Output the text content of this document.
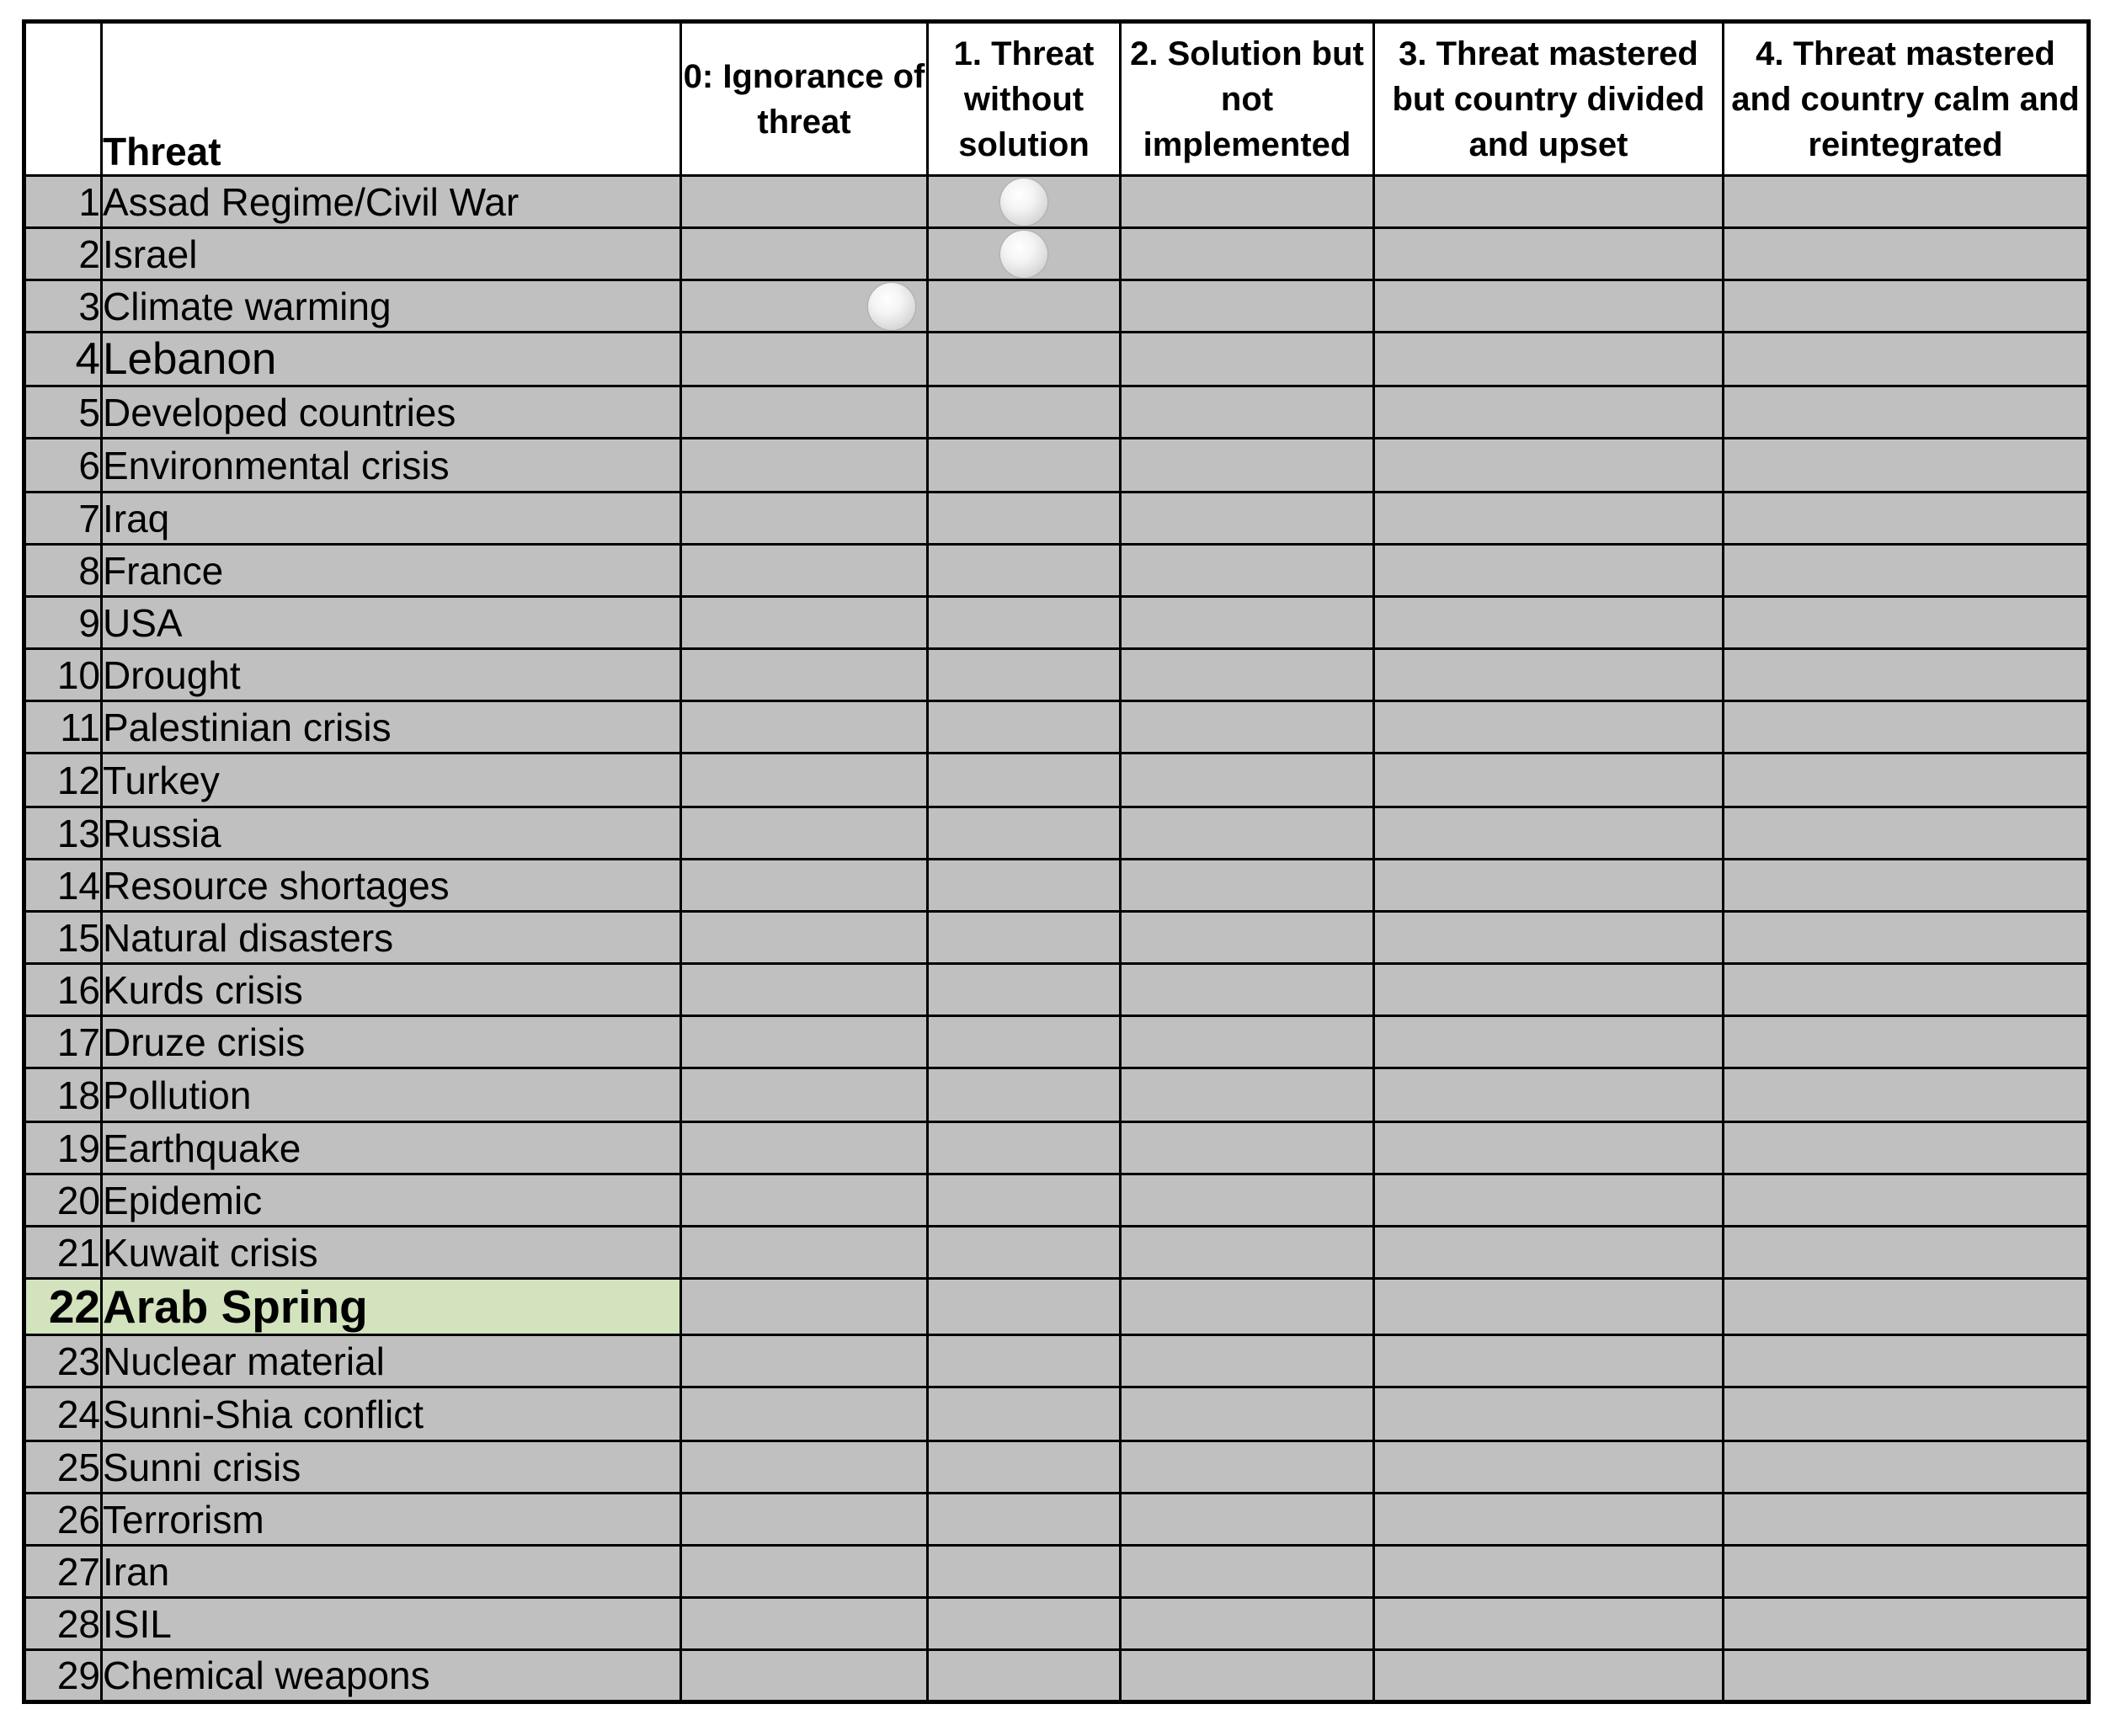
	Threat	0: Ignorance of threat	1. Threat without solution	2. Solution but not implemented	3. Threat mastered but country divided and upset	4. Threat mastered and country calm and reintegrated
1	Assad Regime/Civil War		

2	Israel		

3	Climate warming	

4	Lebanon					
5	Developed countries					
6	Environmental crisis					
7	Iraq					
8	France					
9	USA					
10	Drought					
11	Palestinian crisis					
12	Turkey					
13	Russia					
14	Resource shortages					
15	Natural disasters					
16	Kurds crisis					
17	Druze crisis					
18	Pollution					
19	Earthquake					
20	Epidemic					
21	Kuwait crisis					
22	Arab Spring					
23	Nuclear material					
24	Sunni-Shia conflict					
25	Sunni crisis					
26	Terrorism					
27	Iran					
28	ISIL					
29	Chemical weapons					
